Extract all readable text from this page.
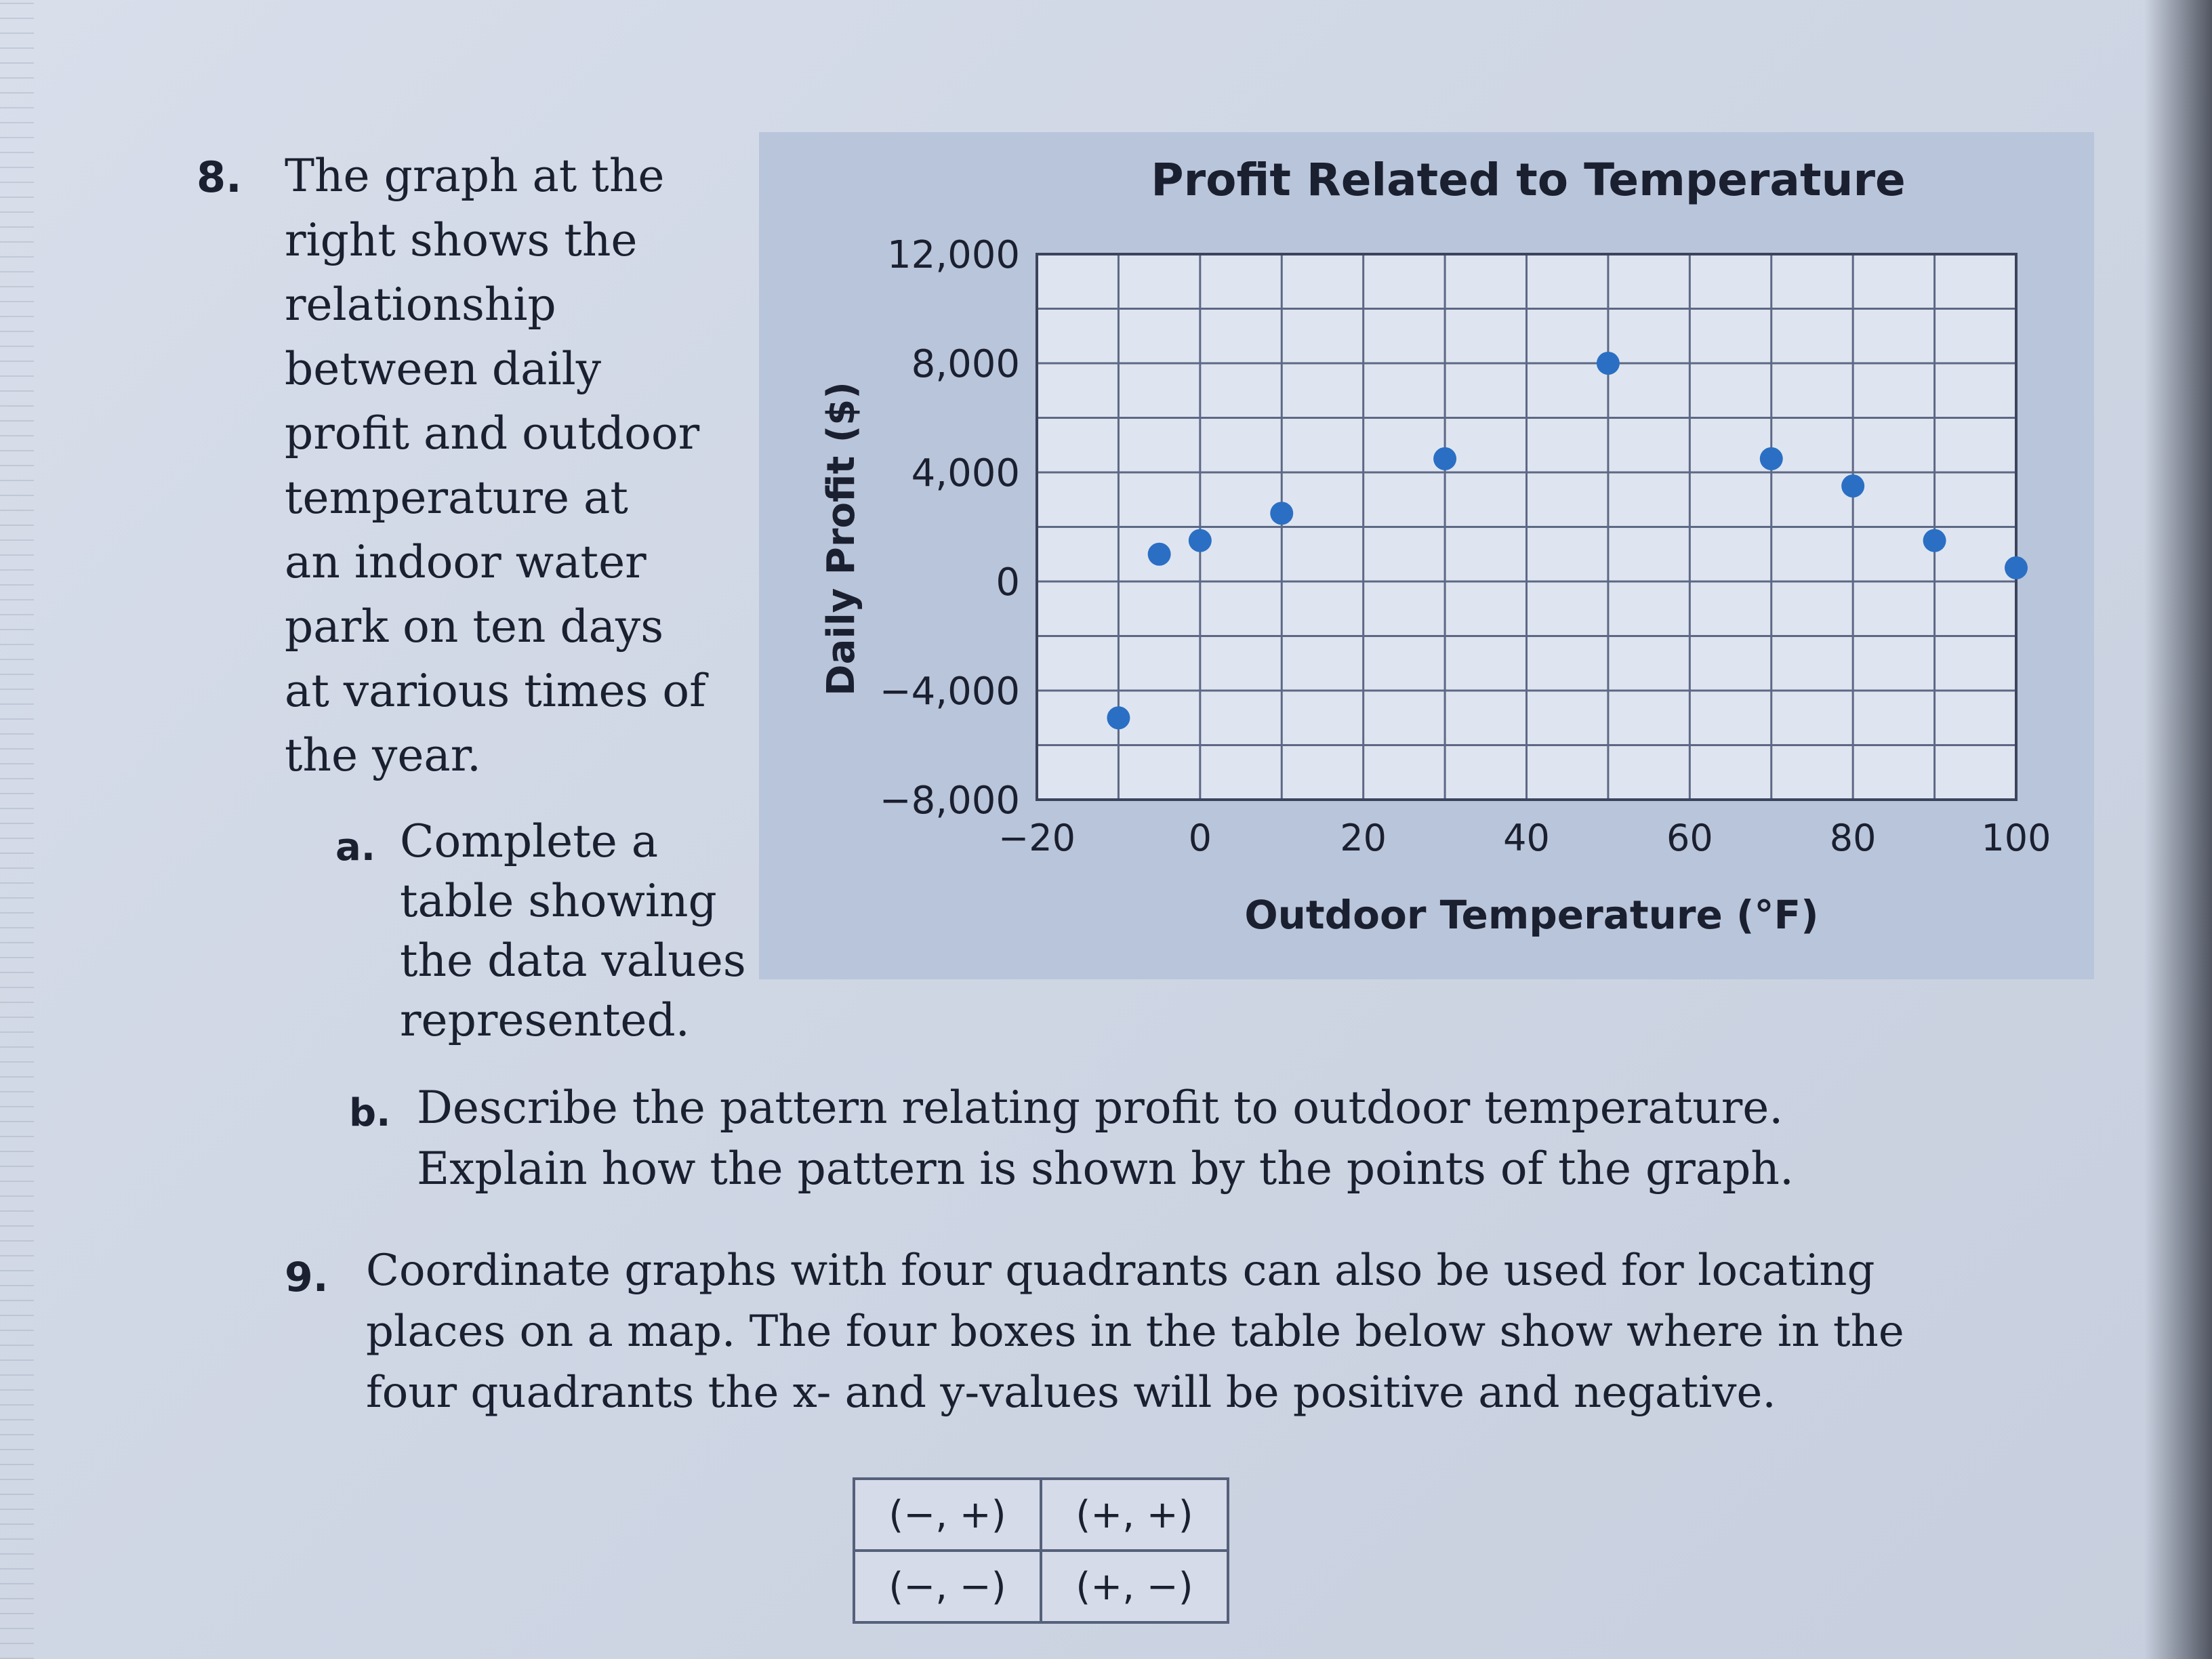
8. The graph at the
right shows the
relationship
between daily
profit and outdoor
temperature at
an indoor water
park on ten days
at various times of
the year.
a. Complete a
table showing
the data values
represented.
b. Describe the pattern relating profit to outdoor temperature.
Explain how the pattern is shown by the points of the graph.
9. Coordinate graphs with four quadrants can also be used for locating
places on a map. The four boxes in the table below show where in the
four quadrants the x- and y-values will be positive and negative.
(−, +)	(+, +)
(−, −)	(+, −)
Profit Related to Temperature
−20	0	20	40	60	80	100
−8,000
−4,000
0
4,000
8,000
12,000
Outdoor Temperature (°F)
Daily Profit ($)
